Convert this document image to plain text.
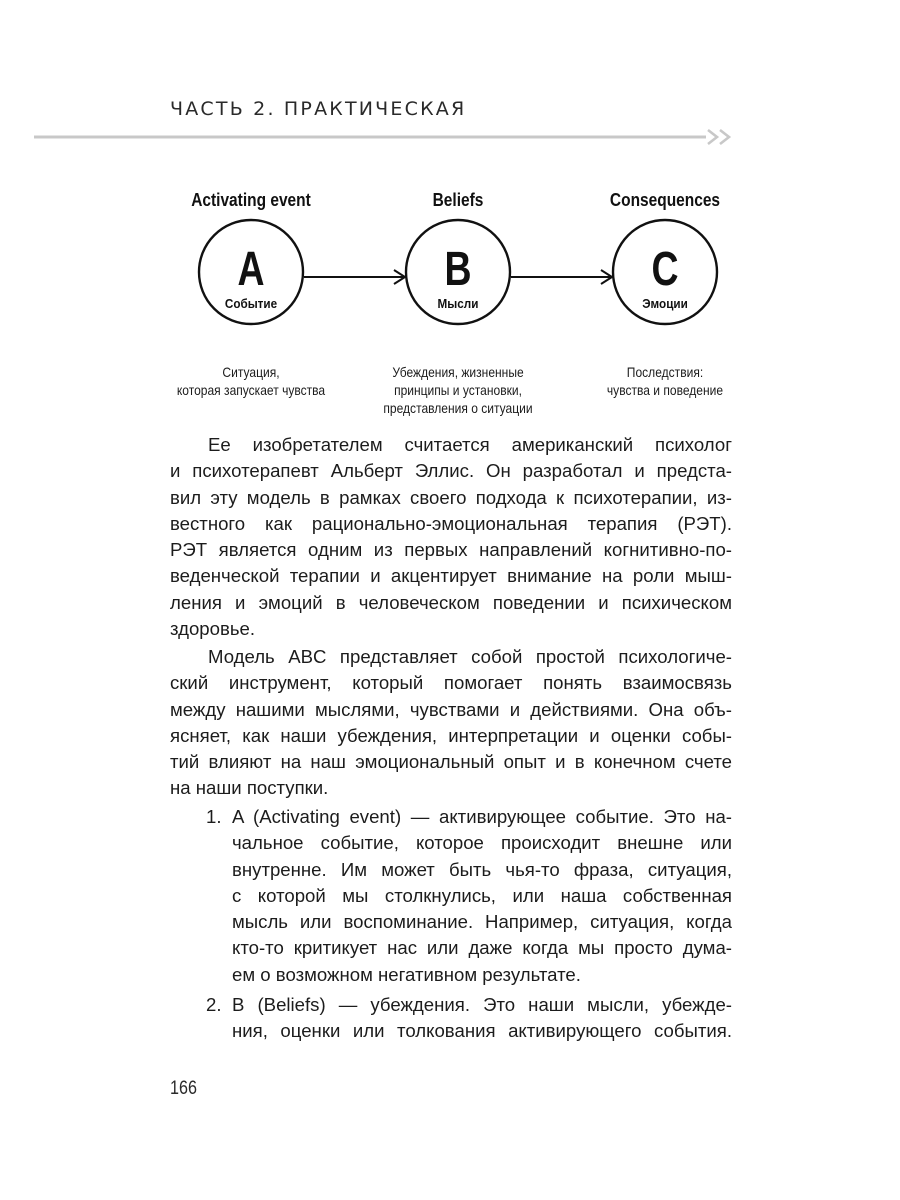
ЧАСТЬ 2. ПРАКТИЧЕСКАЯ
Activating event
A
Событие
Ситуация,
которая запускает чувства
Beliefs
B
Мысли
Убеждения, жизненные
принципы и установки,
представления о ситуации
Consequences
C
Эмоции
Последствия:
чувства и поведение
Ее изобретателем считается американский психолог
и психотерапевт Альберт Эллис. Он разработал и предста-
вил эту модель в рамках своего подхода к психотерапии, из-
вестного как рационально-эмоциональная терапия (РЭТ).
РЭТ является одним из первых направлений когнитивно-по-
веденческой терапии и акцентирует внимание на роли мыш-
ления и эмоций в человеческом поведении и психическом
здоровье.
Модель ABC представляет собой простой психологиче-
ский инструмент, который помогает понять взаимосвязь
между нашими мыслями, чувствами и действиями. Она объ-
ясняет, как наши убеждения, интерпретации и оценки собы-
тий влияют на наш эмоциональный опыт и в конечном счете
на наши поступки.
1. A (Activating event) — активирующее событие. Это на-
чальное событие, которое происходит внешне или
внутренне. Им может быть чья-то фраза, ситуация,
с которой мы столкнулись, или наша собственная
мысль или воспоминание. Например, ситуация, когда
кто-то критикует нас или даже когда мы просто дума-
ем о возможном негативном результате.
2. B (Beliefs) — убеждения. Это наши мысли, убежде-
ния, оценки или толкования активирующего события.
166
